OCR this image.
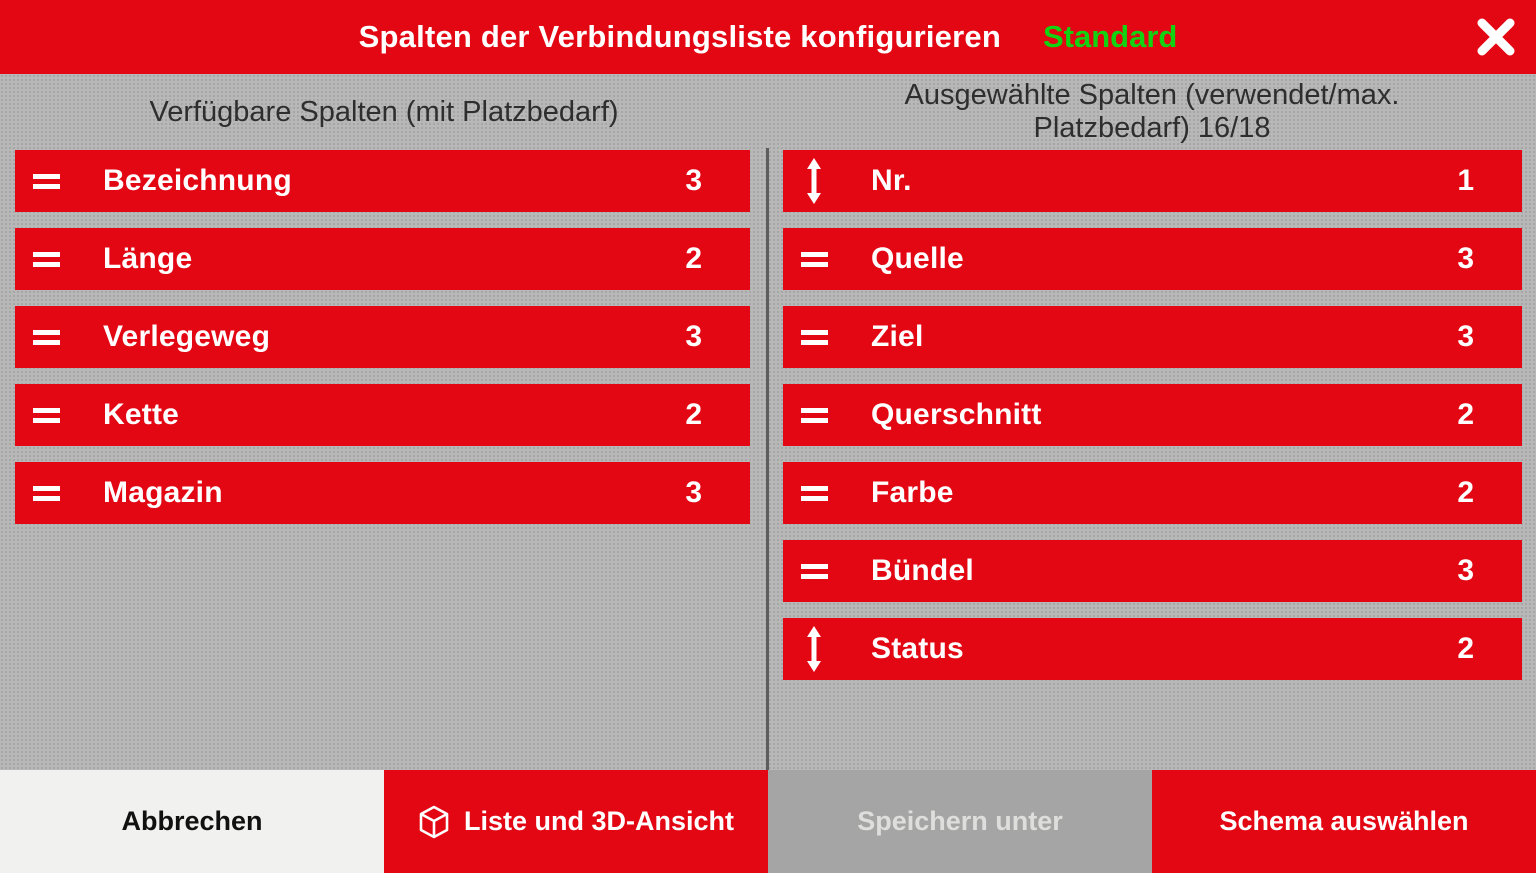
Spalten der Verbindungsliste konfigurieren Standard
Verfügbare Spalten (mit Platzbedarf)
Bezeichnung	3
Länge	2
Verlegeweg	3
Kette	2
Magazin	3
Ausgewählte Spalten (verwendet/max.
Platzbedarf) 16/18
Nr.	1
Quelle	3
Ziel	3
Querschnitt	2
Farbe	2
Bündel	3
Status	2
Abbrechen	Liste und 3D-Ansicht	Speichern unter	Schema auswählen
